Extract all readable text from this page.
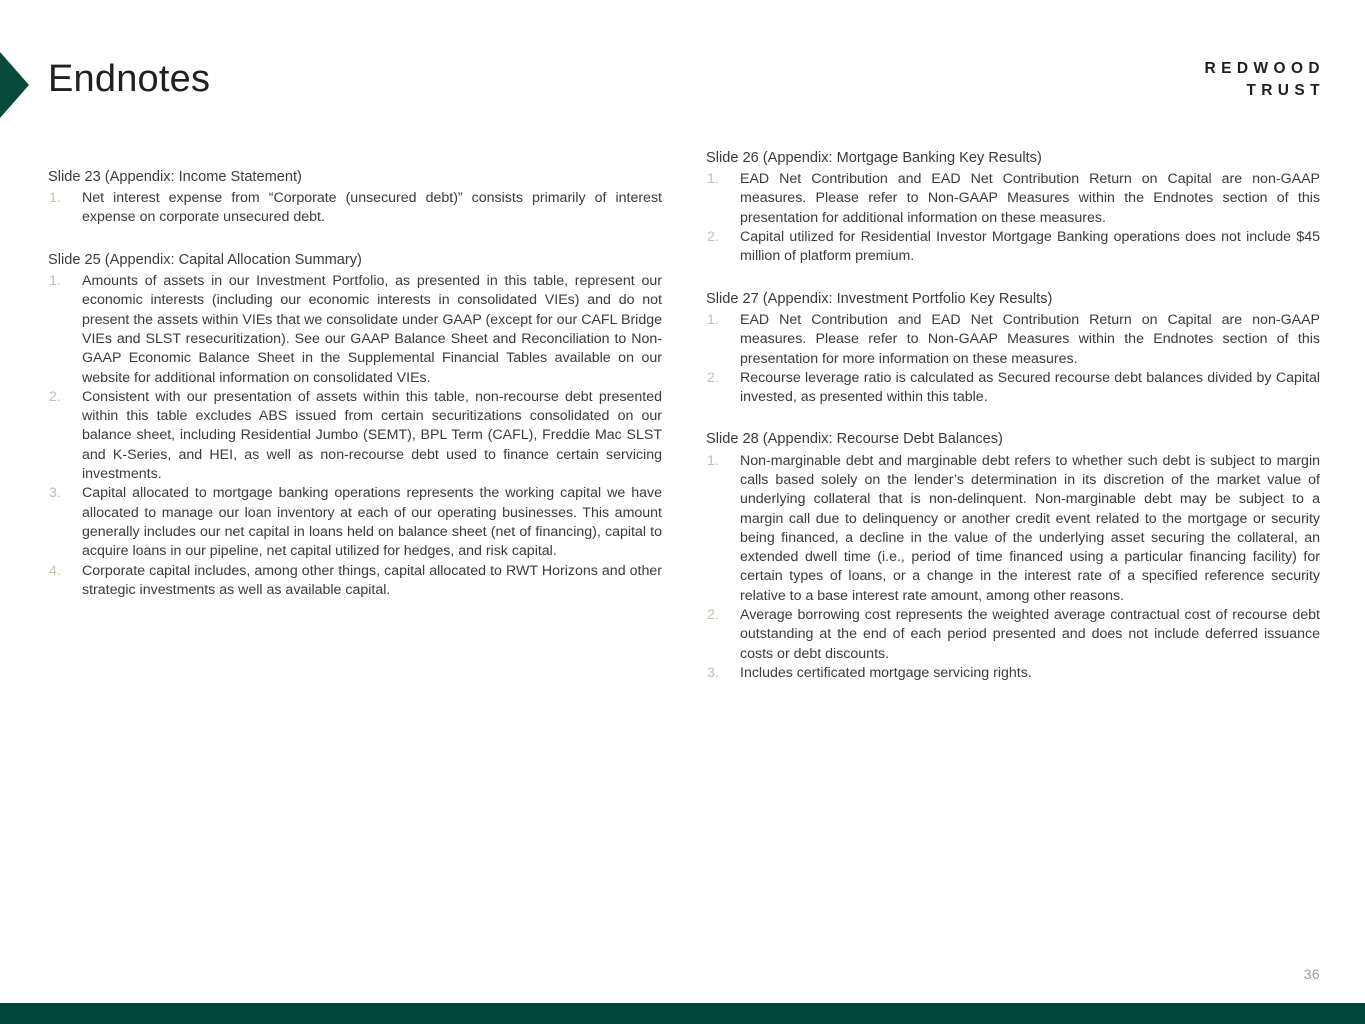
Endnotes	REDWOOD
TRUST
Slide 23 (Appendix: Income Statement)
1.	Net interest expense from “Corporate (unsecured debt)” consists primarily of interest expense on corporate unsecured debt.
Slide 25 (Appendix: Capital Allocation Summary)
1.	Amounts of assets in our Investment Portfolio, as presented in this table, represent our economic interests (including our economic interests in consolidated VIEs) and do not present the assets within VIEs that we consolidate under GAAP (except for our CAFL Bridge VIEs and SLST resecuritization). See our GAAP Balance Sheet and Reconciliation to Non-GAAP Economic Balance Sheet in the Supplemental Financial Tables available on our website for additional information on consolidated VIEs.
2.	Consistent with our presentation of assets within this table, non-recourse debt presented within this table excludes ABS issued from certain securitizations consolidated on our balance sheet, including Residential Jumbo (SEMT), BPL Term (CAFL), Freddie Mac SLST and K-Series, and HEI, as well as non-recourse debt used to finance certain servicing investments.
3.	Capital allocated to mortgage banking operations represents the working capital we have allocated to manage our loan inventory at each of our operating businesses. This amount generally includes our net capital in loans held on balance sheet (net of financing), capital to acquire loans in our pipeline, net capital utilized for hedges, and risk capital.
4.	Corporate capital includes, among other things, capital allocated to RWT Horizons and other strategic investments as well as available capital.
Slide 26 (Appendix: Mortgage Banking Key Results)
1.	EAD Net Contribution and EAD Net Contribution Return on Capital are non-GAAP measures. Please refer to Non-GAAP Measures within the Endnotes section of this presentation for additional information on these measures.
2.	Capital utilized for Residential Investor Mortgage Banking operations does not include $45 million of platform premium.
Slide 27 (Appendix: Investment Portfolio Key Results)
1.	EAD Net Contribution and EAD Net Contribution Return on Capital are non-GAAP measures. Please refer to Non-GAAP Measures within the Endnotes section of this presentation for more information on these measures.
2.	Recourse leverage ratio is calculated as Secured recourse debt balances divided by Capital invested, as presented within this table.
Slide 28 (Appendix: Recourse Debt Balances)
1.	Non-marginable debt and marginable debt refers to whether such debt is subject to margin calls based solely on the lender’s determination in its discretion of the market value of underlying collateral that is non-delinquent. Non-marginable debt may be subject to a margin call due to delinquency or another credit event related to the mortgage or security being financed, a decline in the value of the underlying asset securing the collateral, an extended dwell time (i.e., period of time financed using a particular financing facility) for certain types of loans, or a change in the interest rate of a specified reference security relative to a base interest rate amount, among other reasons.
2.	Average borrowing cost represents the weighted average contractual cost of recourse debt outstanding at the end of each period presented and does not include deferred issuance costs or debt discounts.
3.	Includes certificated mortgage servicing rights.
36
